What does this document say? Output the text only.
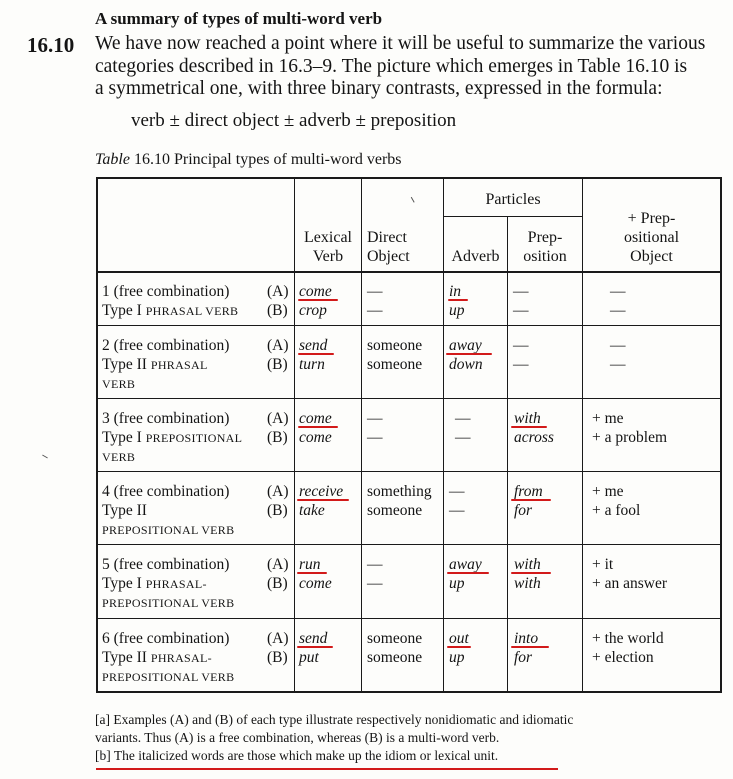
A summary of types of multi-word verb
16.10 We have now reached a point where it will be useful to summarize the various
categories described in 16.3–9. The picture which emerges in Table 16.10 is
a symmetrical one, with three binary contrasts, expressed in the formula:
verb ± direct object ± adverb ± preposition
Table 16.10 Principal types of multi-word verbs
Lexical
Verb
Direct
Object
Particles
Adverb
Prep-
osition
+ Prep-
ositional
Object
1 (free combination)
Type I PHRASAL VERB
(A)
(B)
come
crop
—
—
in
up
—
—
—
—
2 (free combination)
Type II PHRASAL
VERB
(A)
(B)
send
turn
someone
someone
away
down
—
—
—
—
3 (free combination)
Type I PREPOSITIONAL
VERB
(A)
(B)
come
come
—
—
—
—
with
across
+ me
+ a problem
4 (free combination)
Type II
PREPOSITIONAL VERB
(A)
(B)
receive
take
something
someone
—
—
from
for
+ me
+ a fool
5 (free combination)
Type I PHRASAL-
PREPOSITIONAL VERB
(A)
(B)
run
come
—
—
away
up
with
with
+ it
+ an answer
6 (free combination)
Type II PHRASAL-
PREPOSITIONAL VERB
(A)
(B)
send
put
someone
someone
out
up
into
for
+ the world
+ election
[a] Examples (A) and (B) of each type illustrate respectively nonidiomatic and idiomatic
variants. Thus (A) is a free combination, whereas (B) is a multi-word verb.
[b] The italicized words are those which make up the idiom or lexical unit.
